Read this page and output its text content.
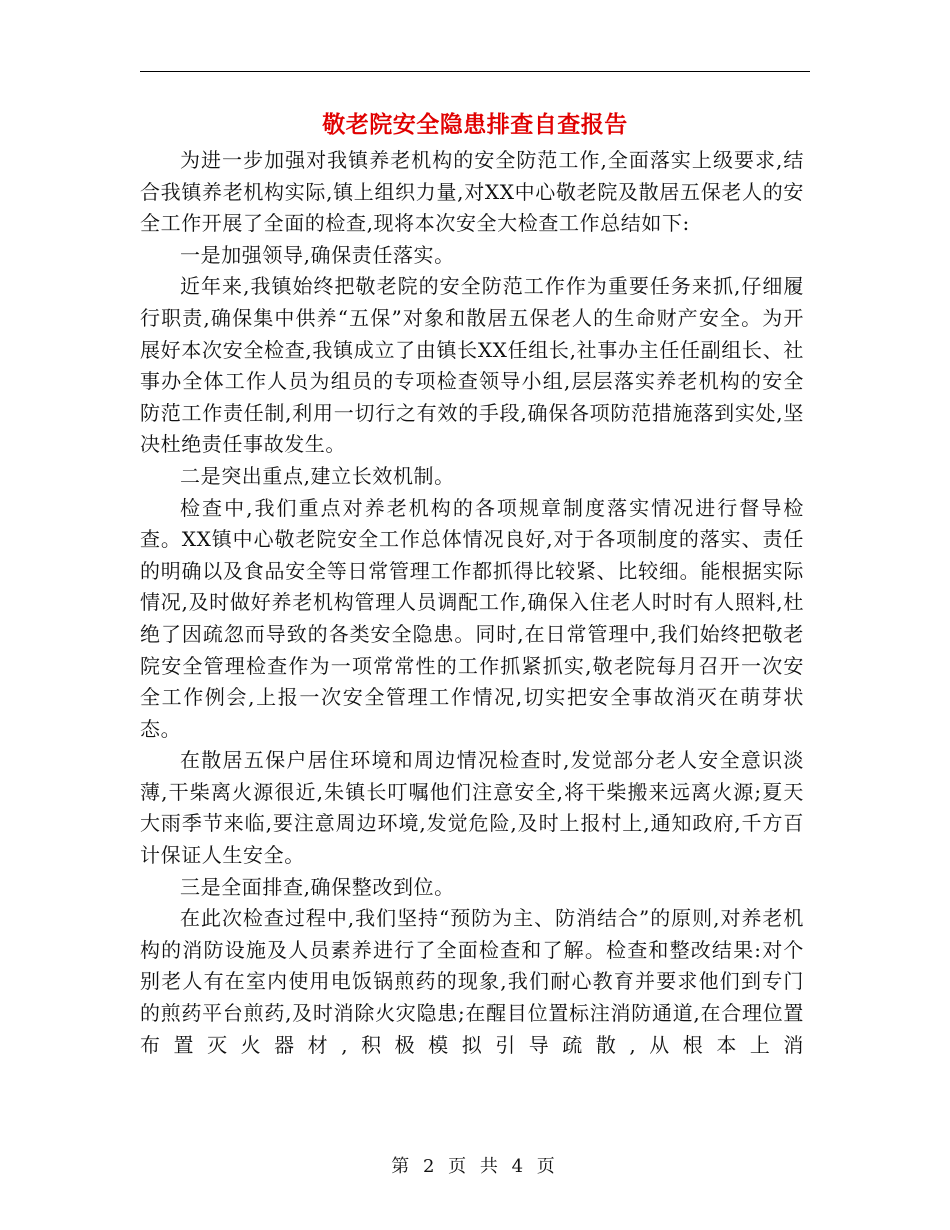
敬老院安全隐患排查自查报告

为进一步加强对我镇养老机构的安全防范工作,全面落实上级要求,结合我镇养老机构实际,镇上组织力量,对XX中心敬老院及散居五保老人的安全工作开展了全面的检查,现将本次安全大检查工作总结如下:

一是加强领导,确保责任落实。

近年来,我镇始终把敬老院的安全防范工作作为重要任务来抓,仔细履行职责,确保集中供养“五保”对象和散居五保老人的生命财产安全。为开展好本次安全检查,我镇成立了由镇长XX任组长,社事办主任任副组长、社事办全体工作人员为组员的专项检查领导小组,层层落实养老机构的安全防范工作责任制,利用一切行之有效的手段,确保各项防范措施落到实处,坚决杜绝责任事故发生。

二是突出重点,建立长效机制。

检查中,我们重点对养老机构的各项规章制度落实情况进行督导检查。XX镇中心敬老院安全工作总体情况良好,对于各项制度的落实、责任的明确以及食品安全等日常管理工作都抓得比较紧、比较细。能根据实际情况,及时做好养老机构管理人员调配工作,确保入住老人时时有人照料,杜绝了因疏忽而导致的各类安全隐患。同时,在日常管理中,我们始终把敬老院安全管理检查作为一项常常性的工作抓紧抓实,敬老院每月召开一次安全工作例会,上报一次安全管理工作情况,切实把安全事故消灭在萌芽状态。

在散居五保户居住环境和周边情况检查时,发觉部分老人安全意识淡薄,干柴离火源很近,朱镇长叮嘱他们注意安全,将干柴搬来远离火源;夏天大雨季节来临,要注意周边环境,发觉危险,及时上报村上,通知政府,千方百计保证人生安全。

三是全面排查,确保整改到位。

在此次检查过程中,我们坚持“预防为主、防消结合”的原则,对养老机构的消防设施及人员素养进行了全面检查和了解。检查和整改结果:对个别老人有在室内使用电饭锅煎药的现象,我们耐心教育并要求他们到专门的煎药平台煎药,及时消除火灾隐患;在醒目位置标注消防通道,在合理位置布置灭火器材,积极模拟引导疏散,从根本上消

第 2 页 共 4 页
